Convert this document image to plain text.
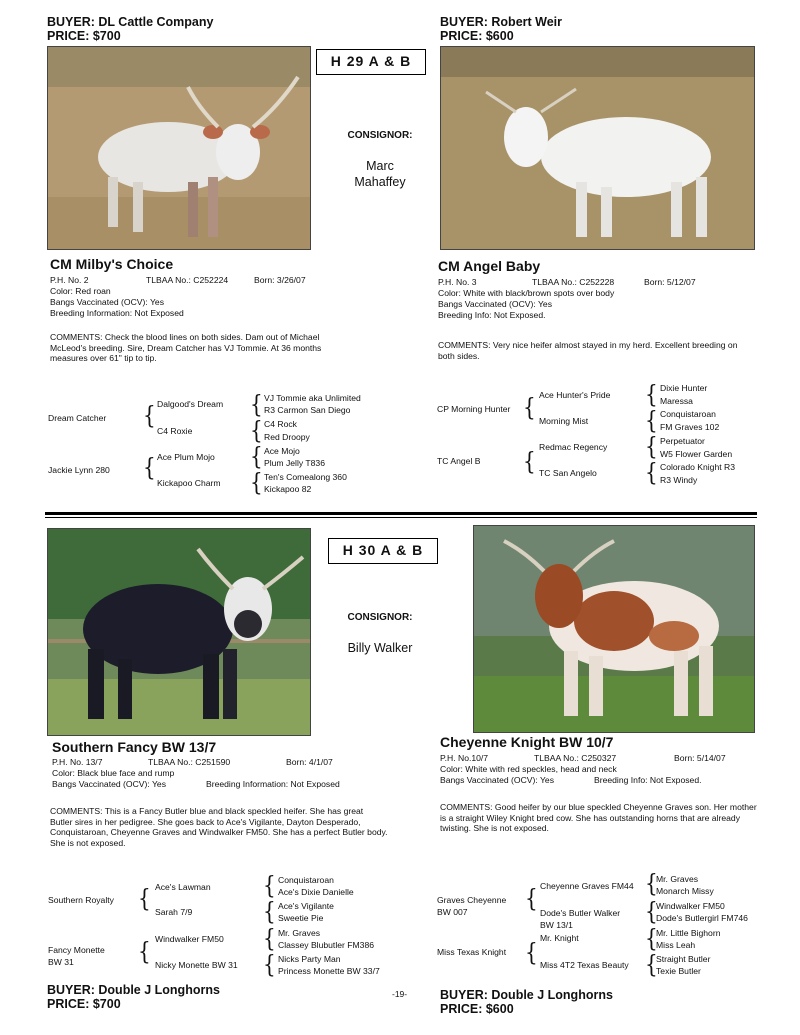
BUYER: DL Cattle Company
PRICE: $700
BUYER: Robert Weir
PRICE: $600
H 29 A & B
CONSIGNOR:
Marc
Mahaffey
CM Milby's Choice
P.H. No. 2	TLBAA No.: C252224	Born: 3/26/07
Color: Red roan
Bangs Vaccinated (OCV): Yes
Breeding Information: Not Exposed
COMMENTS: Check the blood lines on both sides. Dam out of Michael McLeod's breeding. Sire, Dream Catcher has VJ Tommie. At 36 months measures over 61" tip to tip.
Dream Catcher
Jackie Lynn 280
{
{
Dalgood's Dream
C4 Roxie
Ace Plum Mojo
Kickapoo Charm
{
{
{
{
VJ Tommie aka Unlimited
R3 Carmon San Diego
C4 Rock
Red Droopy
Ace Mojo
Plum Jelly T836
Ten's Comealong 360
Kickapoo 82
CM Angel Baby
P.H. No. 3	TLBAA No.: C252228	Born: 5/12/07
Color: White with black/brown spots over body
Bangs Vaccinated (OCV): Yes
Breeding Info: Not Exposed.
COMMENTS: Very nice heifer almost stayed in my herd. Excellent breeding on both sides.
CP Morning Hunter
TC Angel B
{
{
Ace Hunter's Pride
Morning Mist
Redmac Regency
TC San Angelo
{
{
{
{
Dixie Hunter
Maressa
Conquistaroan
FM Graves 102
Perpetuator
W5 Flower Garden
Colorado Knight R3
R3 Windy
H 30 A & B
CONSIGNOR:
Billy Walker
Southern Fancy BW 13/7
P.H. No. 13/7	TLBAA No.: C251590	Born: 4/1/07
Color: Black blue face and rump
Bangs Vaccinated (OCV): Yes	Breeding Information: Not Exposed
COMMENTS: This is a Fancy Butler blue and black speckled heifer. She has great Butler sires in her pedigree. She goes back to Ace's Vigilante, Dayton Desperado, Conquistaroan, Cheyenne Graves and Windwalker FM50. She has a perfect Butler body. She is not exposed.
Southern Royalty
Fancy Monette
BW 31
{
{
Ace's Lawman
Sarah 7/9
Windwalker FM50
Nicky Monette BW 31
{
{
{
{
Conquistaroan
Ace's Dixie Danielle
Ace's Vigilante
Sweetie Pie
Mr. Graves
Classey Blubutler FM386
Nicks Party Man
Princess Monette BW 33/7
Cheyenne Knight BW 10/7
P.H. No.10/7	TLBAA No.: C250327	Born: 5/14/07
Color: White with red speckles, head and neck
Bangs Vaccinated (OCV): Yes	Breeding Info: Not Exposed.
COMMENTS: Good heifer by our blue speckled Cheyenne Graves son. Her mother is a straight Wiley Knight bred cow. She has outstanding horns that are already twisting. She is not exposed.
Graves Cheyenne
BW 007
Miss Texas Knight
{
{
Cheyenne Graves FM44
Dode's Butler Walker
BW 13/1
Mr. Knight
Miss 4T2 Texas Beauty
{
{
{
{
Mr. Graves
Monarch Missy
Windwalker FM50
Dode's Butlergirl FM746
Mr. Little Bighorn
Miss Leah
Straight Butler
Texie Butler
BUYER: Double J Longhorns
PRICE: $700
-19-	BUYER: Double J Longhorns
PRICE: $600
